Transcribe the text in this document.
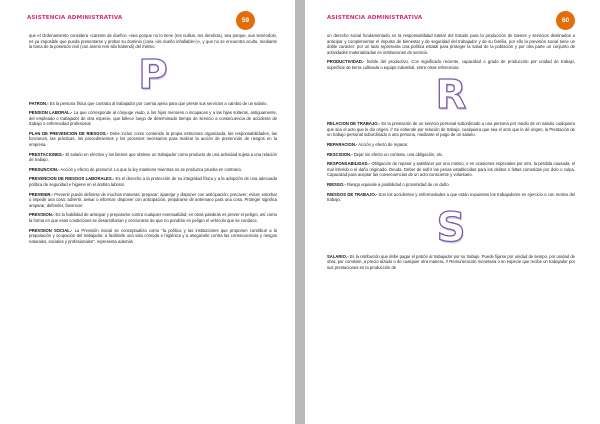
ASISTENCIA ADMINISTRATIVA	59

que el Ordenamiento considera «carente de dueño» «sea porque no lo tiene (res nullius, res derelicta), sea porque, aun teniéndolo, es ya imposible que pueda presentarse y probar su dominio (cosa «de dueño inhallable»)», y que no se encuentra oculto, mediante la toma de la posesión civil (con ánimo rem sibi habendi) del mismo.

P

PATRON.- Es la persona física que contrata al trabajador por cuenta ajena para que preste sus servicios a cambio de un salario.

PENSION LABORAL.- La que corresponde al cónyuge viudo, a los hijos menores o incapaces y a las hijas solteras, antiguamente, del empleado o trabajador de otra especie, que fallece luego de determinado tiempo de servicio a consecuencia de accidente de trabajo o enfermedad profesional.

PLAN DE PREVENCION DE RIESGOS.- Debe incluir como contenido la propia estructura organizada, las responsabilidades, las funciones, las prácticas, los procedimientos y los procesos necesarios para realizar la acción de prevención de riesgos en la empresa.

PRESTACIONES.- El salario en efectivo y los bienes que obtiene un trabajador como producto de una actividad sujeta a una relación de trabajo.

PRESUNCION.- Acción y efecto de presumir. La que la ley mantiene mientras no se produzca prueba en contrario.

PREVENCION DE RIESGOS LABORALES.- Es el derecho a la protección de su integridad física y a la adopción de una adecuada política de seguridad e higiene en el ámbito laboral.

PREVENIR.- Prevenir puede definirse de muchas maneras: preparar; aparejar y disponer con anticipación; precaver; evitar; estorbar o impedir una cosa; advertir, avisar o informar; disponer con anticipación, prepararse de antemano para una cosa. Proteger significa amparar, defender, favorecer.

PREVISION.- Es la habilidad de anticipar y prepararse contra cualquier eventualidad; en otras palabras es prever el peligro, así como la forma en que esas condiciones se desarrollarían y cerciorarse de que no pondrán en peligro el vehículo que se conduce.

PREVISION SOCIAL.- La Previsión Social se conceptualiza como "la política y las instituciones que proponen contribuir a la preparación y ocupación del trabajador, a facilitarle una vida cómoda e higiénica y a asegurarle contra las consecuencias y riesgos naturales, sociales y profesionales", representa además

ASISTENCIA ADMINISTRATIVA	60

un derecho social fundamentado en la responsabilidad tutelar del Estado para la producción de bienes y servicios destinados a anticipar y complementar el impulso de bienestar y de seguridad del trabajador y de su familia, por ello la previsión social tiene un doble carácter: por un lado representa una política estatal para proteger la salud de la población y por otra parte un conjunto de actividades materializadas en instituciones de servicio.

PRODUCTIVIDAD.- Índole del productivo. Con significado reciente, capacidad o grado de producción por unidad de trabajo, superficie de tierra cultivada o equipo industrial, entre otras referencias.

R

RELACION DE TRABAJO.- Es la prestación de un servicio personal subordinado a una persona por medio de un salario cualquiera que sea el acto que le dio origen. // Se entiende por relación de trabajo, cualquiera que sea el acto que le dé origen, la Prestación de un trabajo personal subordinado a una persona, mediante el pago de un salario.

REPARACION.- Acción y efecto de reparar.

RESCISION.- Dejar sin efecto un contrato, una obligación, etc.

RESPONSABILIDAD.- Obligación de reparar y satisfacer por uno mismo, o en ocasiones especiales por otro, la pérdida causada, el mal inferido o el daño originado. Deuda. Deber de sufrir las penas establecidas para los delitos o faltas cometidas por dolo o culpa. Capacidad para aceptar las consecuencias de un acto consciente y voluntario.

RIESGO.- Riesgo equivale a posibilidad o proximidad de un daño.

RIESGOS DE TRABAJO.- Son los accidentes y enfermedades a que están expuestos los trabajadores en ejercicio o con motivo del trabajo.

S

SALARIO.- Es la retribución que debe pagar el patrón al trabajador por su trabajo. Puede fijarse por unidad de tiempo, por unidad de obra, por comisión, a precio alzado o de cualquier otra manera. // Remuneración monetaria o en especie que recibe un trabajador por sus prestaciones en la producción de
